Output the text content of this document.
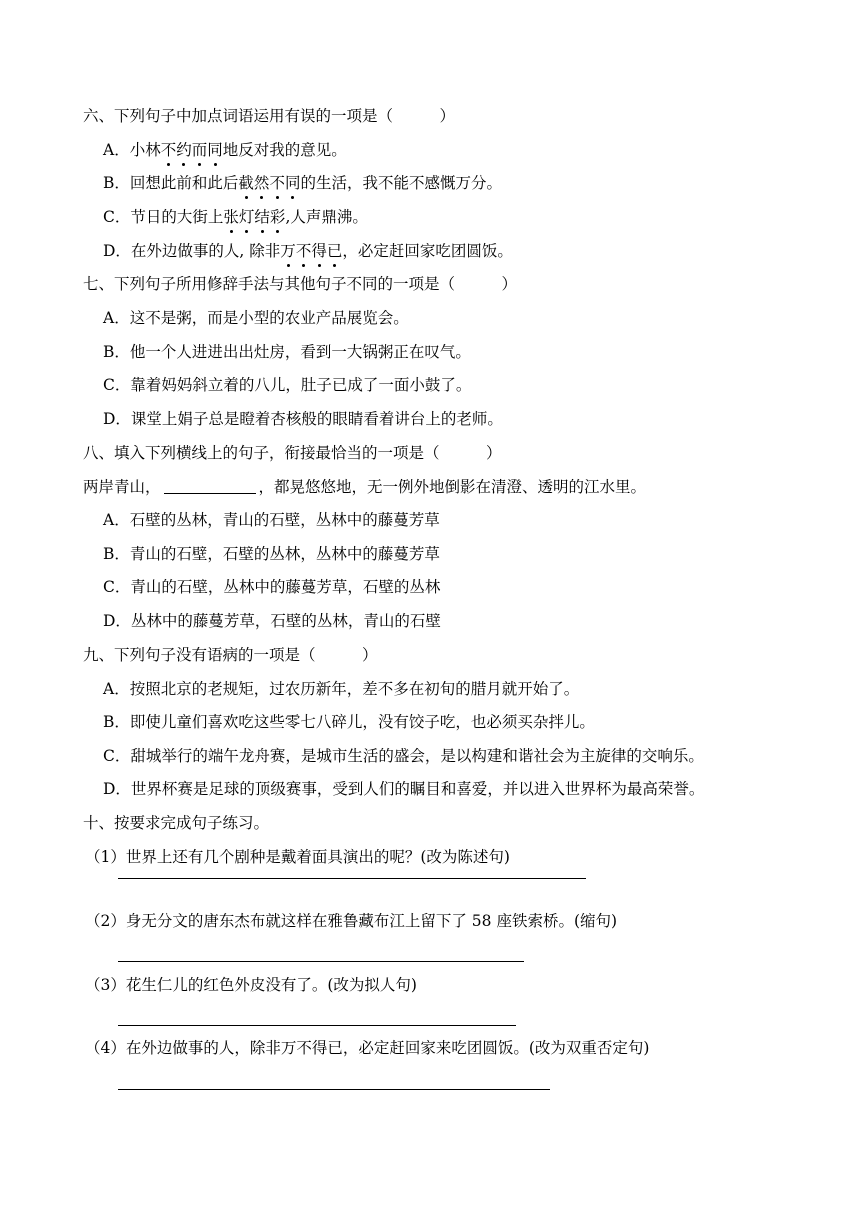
六、下列句子中加点词语运用有误的一项是（　　　）
A．小林不约而同地反对我的意见。
B．回想此前和此后截然不同的生活，我不能不感慨万分。
C．节日的大街上张灯结彩,人声鼎沸。
D．在外边做事的人, 除非万不得已，必定赶回家吃团圆饭。
七、下列句子所用修辞手法与其他句子不同的一项是（　　　）
A．这不是粥，而是小型的农业产品展览会。
B．他一个人进进出出灶房，看到一大锅粥正在叹气。
C．靠着妈妈斜立着的八儿，肚子已成了一面小鼓了。
D．课堂上娟子总是瞪着杏核般的眼睛看着讲台上的老师。
八、填入下列横线上的句子，衔接最恰当的一项是（　　　）
两岸青山，	，都晃悠悠地，无一例外地倒影在清澄、透明的江水里。
A．石壁的丛林，青山的石壁，丛林中的藤蔓芳草
B．青山的石壁，石壁的丛林，丛林中的藤蔓芳草
C．青山的石壁，丛林中的藤蔓芳草，石壁的丛林
D．丛林中的藤蔓芳草，石壁的丛林，青山的石壁
九、下列句子没有语病的一项是（　　　）
A．按照北京的老规矩，过农历新年，差不多在初旬的腊月就开始了。
B．即使儿童们喜欢吃这些零七八碎儿，没有饺子吃，也必须买杂拌儿。
C．甜城举行的端午龙舟赛，是城市生活的盛会，是以构建和谐社会为主旋律的交响乐。
D．世界杯赛是足球的顶级赛事，受到人们的瞩目和喜爱，并以进入世界杯为最高荣誉。
十、按要求完成句子练习。
（1）世界上还有几个剧种是戴着面具演出的呢？(改为陈述句)
（2）身无分文的唐东杰布就这样在雅鲁藏布江上留下了 58 座铁索桥。(缩句)
（3）花生仁儿的红色外皮没有了。(改为拟人句)
（4）在外边做事的人，除非万不得已，必定赶回家来吃团圆饭。(改为双重否定句)
